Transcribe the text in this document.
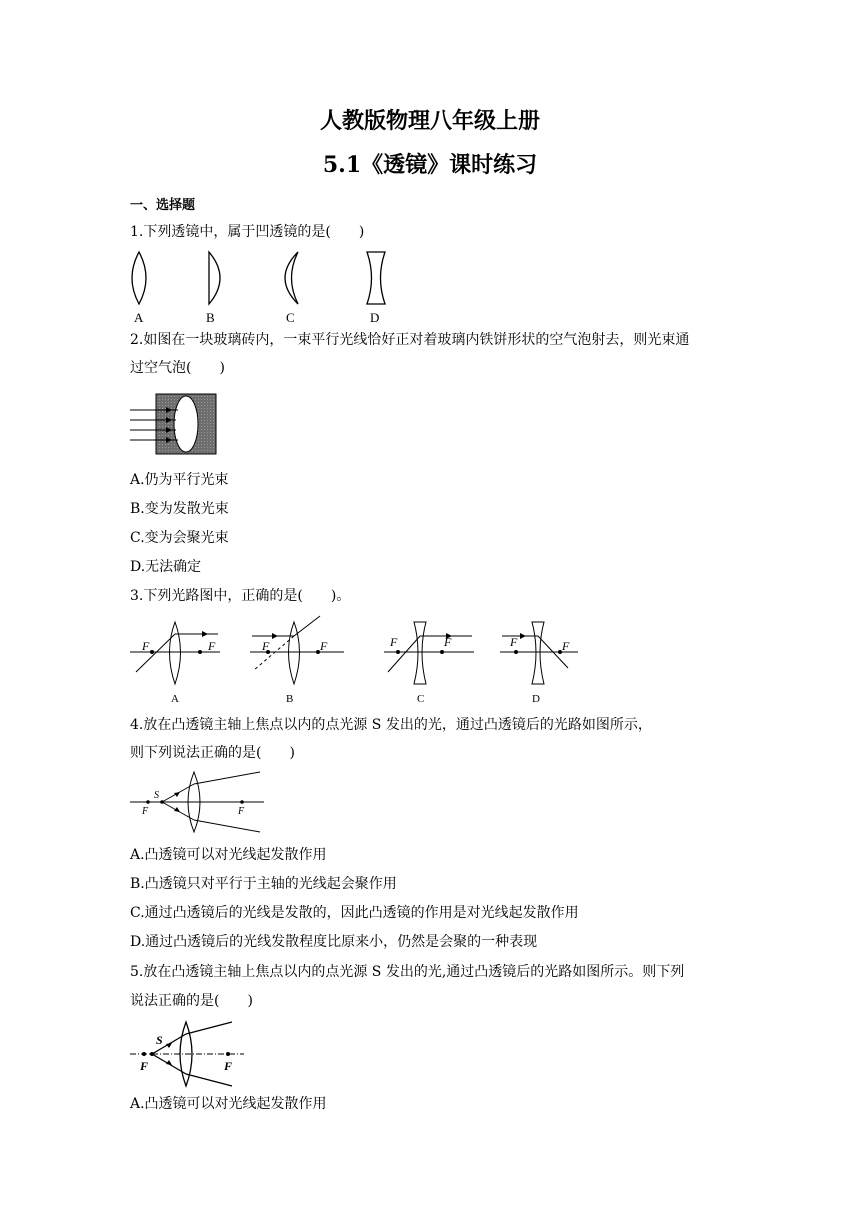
人教版物理八年级上册
5.1《透镜》课时练习
一、选择题
1.下列透镜中，属于凹透镜的是(　　)
A	B	C	D
2.如图在一块玻璃砖内，一束平行光线恰好正对着玻璃内铁饼形状的空气泡射去，则光束通
过空气泡(　　)
A.仍为平行光束
B.变为发散光束
C.变为会聚光束
D.无法确定
3.下列光路图中，正确的是(　　)。
F	F
A
F	F
B
F	F
C
F	F
D
4.放在凸透镜主轴上焦点以内的点光源 S 发出的光，通过凸透镜后的光路如图所示，
则下列说法正确的是(　　)
S
F	F
A.凸透镜可以对光线起发散作用
B.凸透镜只对平行于主轴的光线起会聚作用
C.通过凸透镜后的光线是发散的，因此凸透镜的作用是对光线起发散作用
D.通过凸透镜后的光线发散程度比原来小，仍然是会聚的一种表现
5.放在凸透镜主轴上焦点以内的点光源 S 发出的光,通过凸透镜后的光路如图所示。则下列
说法正确的是(　　)
S
F	F
A.凸透镜可以对光线起发散作用
